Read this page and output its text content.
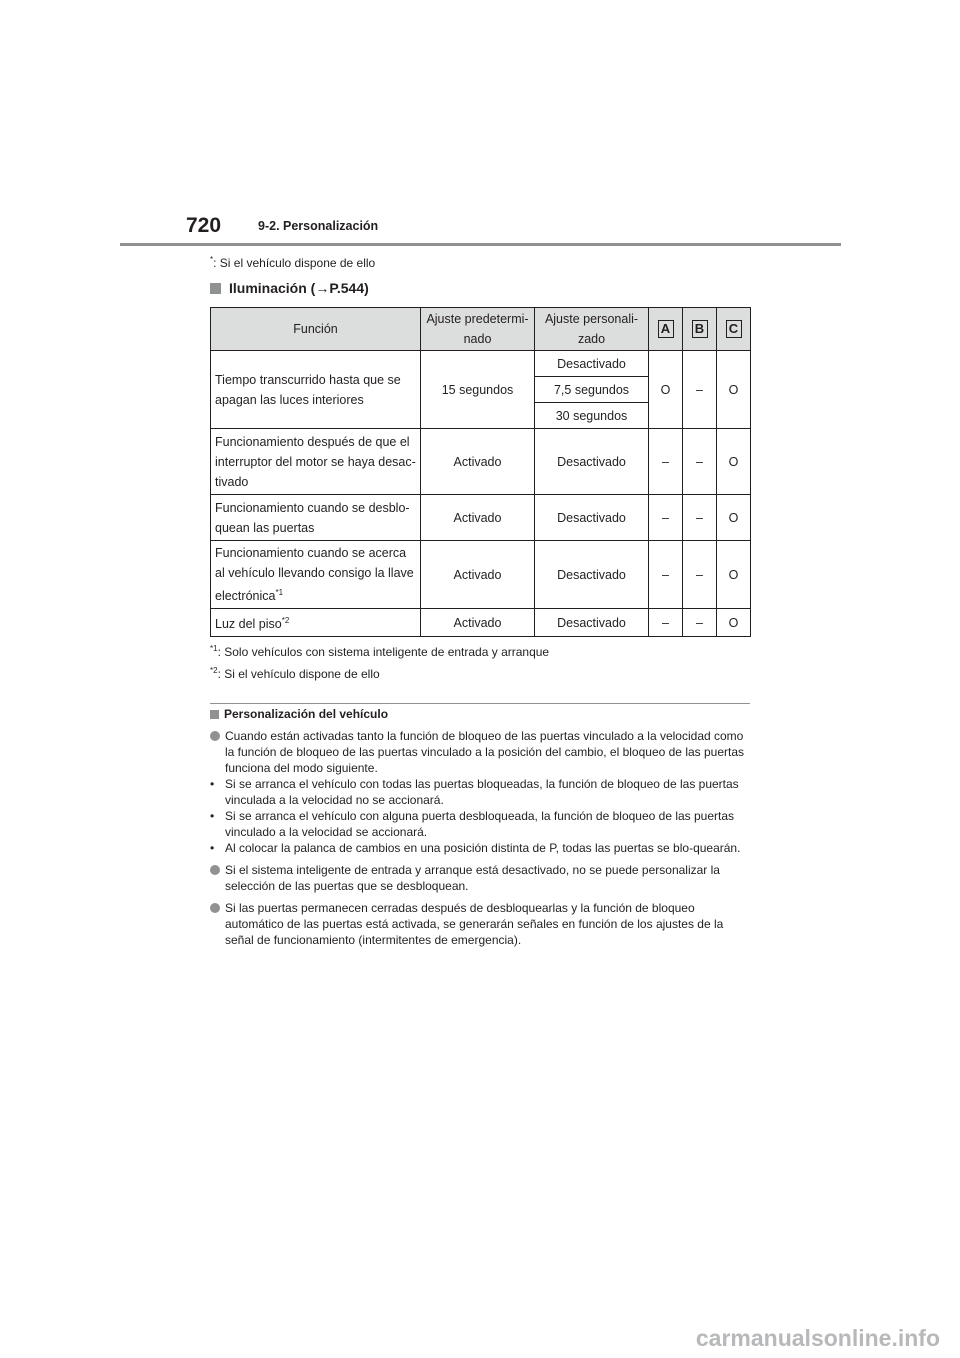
720	9-2. Personalización
*: Si el vehículo dispone de ello
Iluminación (→P.544)
Función	Ajuste predetermi-nado	Ajuste personali-zado	A	B	C
Tiempo transcurrido hasta que se apagan las luces interiores	15 segundos	Desactivado	O	–	O
		7,5 segundos			
		30 segundos			
Funcionamiento después de que el interruptor del motor se haya desac-tivado	Activado	Desactivado	–	–	O
Funcionamiento cuando se desblo-quean las puertas	Activado	Desactivado	–	–	O
Funcionamiento cuando se acerca al vehículo llevando consigo la llave electrónica$^{*1}$	Activado	Desactivado	–	–	O
Luz del piso$^{*2}$	Activado	Desactivado	–	–	O
$^{*1}$: Solo vehículos con sistema inteligente de entrada y arranque
$^{*2}$: Si el vehículo dispone de ello
Personalización del vehículo
Cuando están activadas tanto la función de bloqueo de las puertas vinculado a la velocidad como la función de bloqueo de las puertas vinculado a la posición del cambio, el bloqueo de las puertas funciona del modo siguiente.
• Si se arranca el vehículo con todas las puertas bloqueadas, la función de bloqueo de las puertas vinculada a la velocidad no se accionará.
• Si se arranca el vehículo con alguna puerta desbloqueada, la función de bloqueo de las puertas vinculado a la velocidad se accionará.
• Al colocar la palanca de cambios en una posición distinta de P, todas las puertas se blo-quearán.
Si el sistema inteligente de entrada y arranque está desactivado, no se puede personalizar la selección de las puertas que se desbloquean.
Si las puertas permanecen cerradas después de desbloquearlas y la función de bloqueo automático de las puertas está activada, se generarán señales en función de los ajustes de la señal de funcionamiento (intermitentes de emergencia).
carmanualsonline.info
